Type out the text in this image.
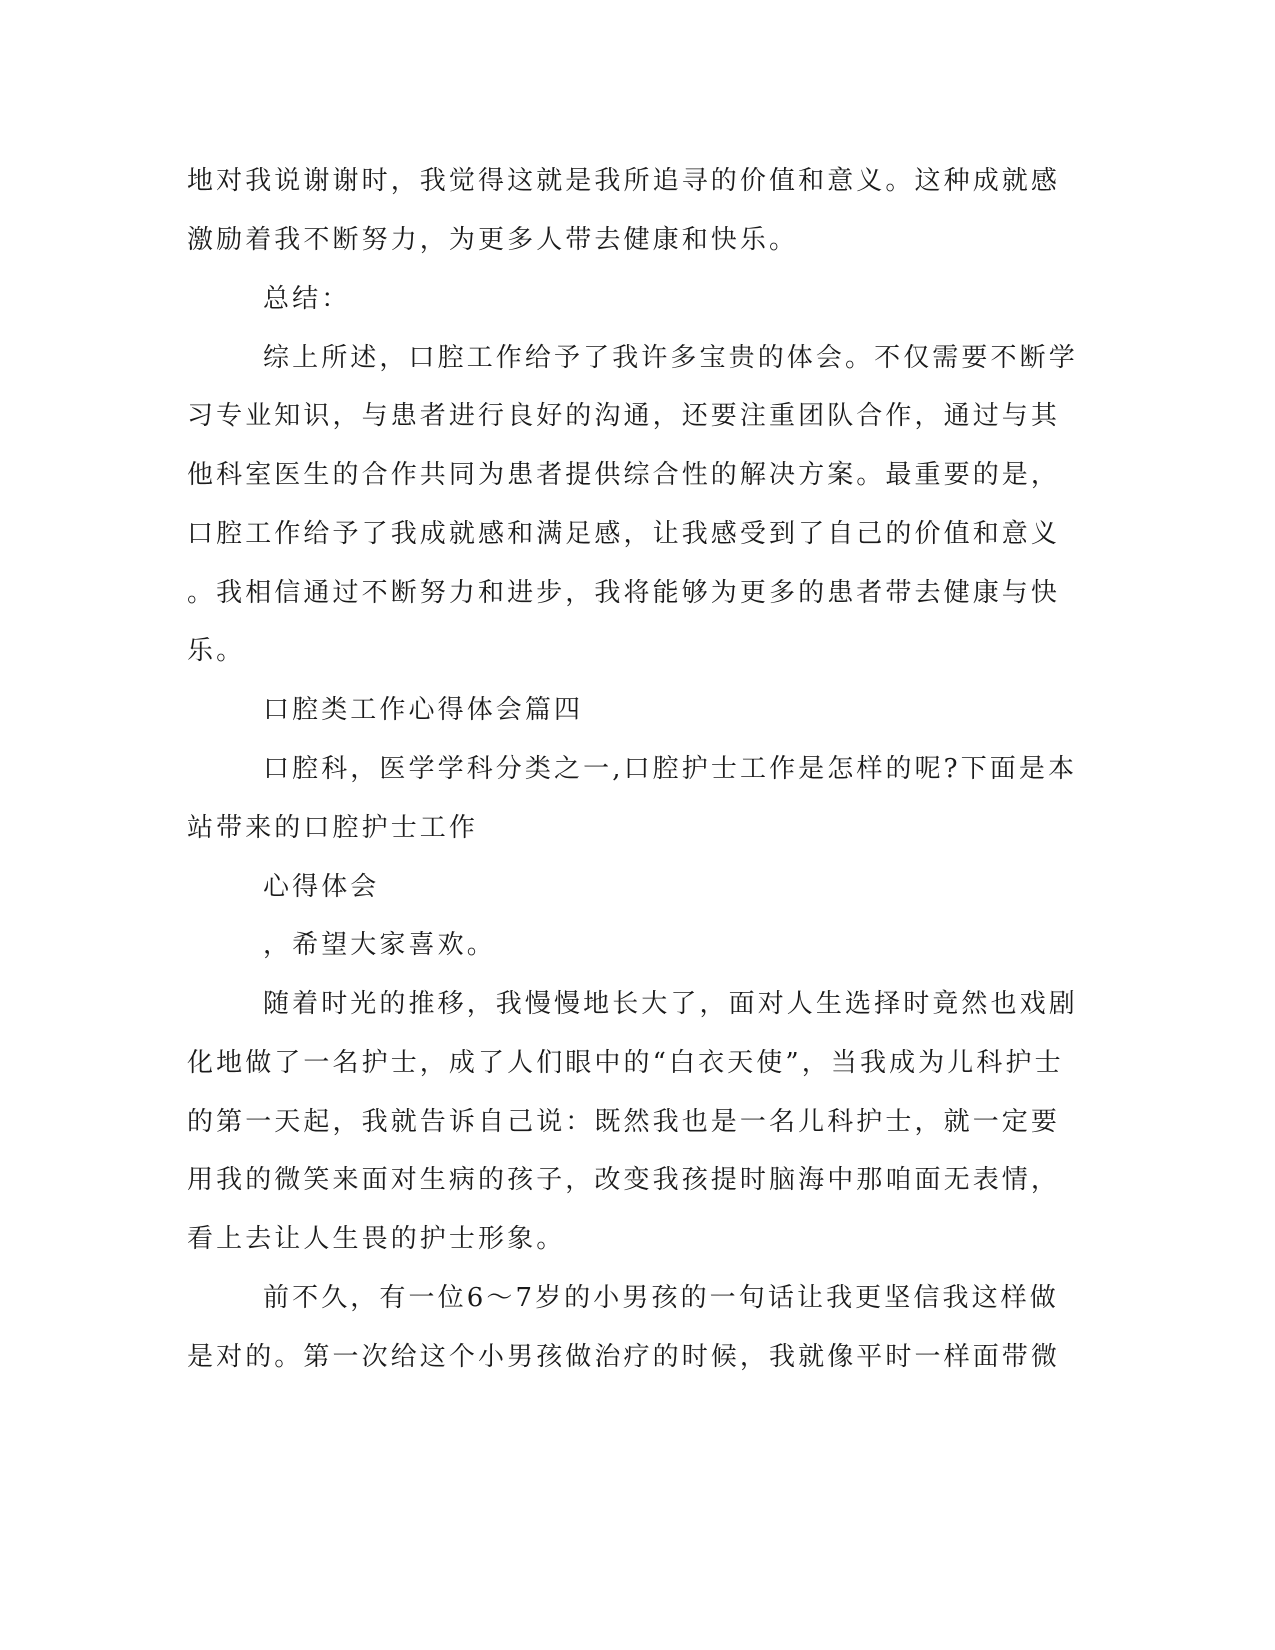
地对我说谢谢时，我觉得这就是我所追寻的价值和意义。这种成就感
激励着我不断努力，为更多人带去健康和快乐。
总结：
综上所述，口腔工作给予了我许多宝贵的体会。不仅需要不断学
习专业知识，与患者进行良好的沟通，还要注重团队合作，通过与其
他科室医生的合作共同为患者提供综合性的解决方案。最重要的是，
口腔工作给予了我成就感和满足感，让我感受到了自己的价值和意义
。我相信通过不断努力和进步，我将能够为更多的患者带去健康与快
乐。
口腔类工作心得体会篇四
口腔科，医学学科分类之一,口腔护士工作是怎样的呢?下面是本
站带来的口腔护士工作
心得体会
，希望大家喜欢。
随着时光的推移，我慢慢地长大了，面对人生选择时竟然也戏剧
化地做了一名护士，成了人们眼中的“白衣天使”，当我成为儿科护士
的第一天起，我就告诉自己说：既然我也是一名儿科护士，就一定要
用我的微笑来面对生病的孩子，改变我孩提时脑海中那咱面无表情，
看上去让人生畏的护士形象。
前不久，有一位6～7岁的小男孩的一句话让我更坚信我这样做
是对的。第一次给这个小男孩做治疗的时候，我就像平时一样面带微
